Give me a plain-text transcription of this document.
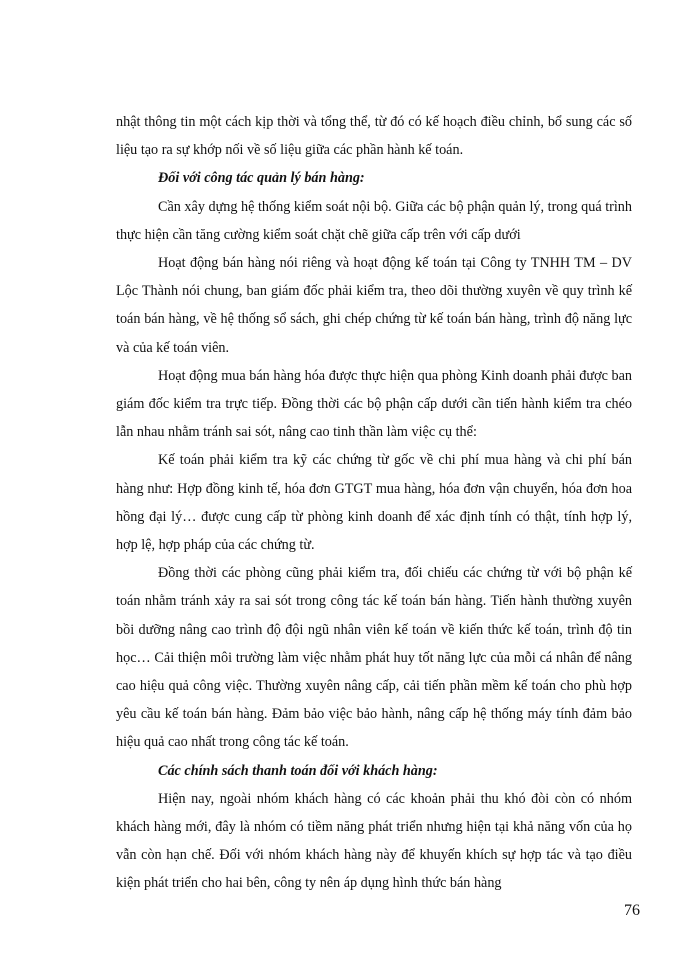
nhật thông tin một cách kịp thời và tổng thể, từ đó có kế hoạch điều chỉnh, bổ sung các số liệu tạo ra sự khớp nối về số liệu giữa các phần hành kế toán.

Đối với công tác quản lý bán hàng:

Cần xây dựng hệ thống kiểm soát nội bộ. Giữa các bộ phận quản lý, trong quá trình thực hiện cần tăng cường kiểm soát chặt chẽ giữa cấp trên với cấp dưới

Hoạt động bán hàng nói riêng và hoạt động kế toán tại Công ty TNHH TM – DV Lộc Thành nói chung, ban giám đốc phải kiểm tra, theo dõi thường xuyên về quy trình kế toán bán hàng, về hệ thống sổ sách, ghi chép chứng từ kế toán bán hàng, trình độ năng lực và của kế toán viên.

Hoạt động mua bán hàng hóa được thực hiện qua phòng Kinh doanh phải được ban giám đốc kiểm tra trực tiếp. Đồng thời các bộ phận cấp dưới cần tiến hành kiểm tra chéo lẫn nhau nhằm tránh sai sót, nâng cao tinh thần làm việc cụ thể:

Kế toán phải kiểm tra kỹ các chứng từ gốc về chi phí mua hàng và chi phí bán hàng như: Hợp đồng kinh tế, hóa đơn GTGT mua hàng, hóa đơn vận chuyển, hóa đơn hoa hồng đại lý… được cung cấp từ phòng kinh doanh để xác định tính có thật, tính hợp lý, hợp lệ, hợp pháp của các chứng từ.

Đồng thời các phòng cũng phải kiểm tra, đối chiếu các chứng từ với bộ phận kế toán nhằm tránh xảy ra sai sót trong công tác kế toán bán hàng. Tiến hành thường xuyên bồi dưỡng nâng cao trình độ đội ngũ nhân viên kế toán về kiến thức kế toán, trình độ tin học… Cải thiện môi trường làm việc nhằm phát huy tốt năng lực của mỗi cá nhân để nâng cao hiệu quả công việc. Thường xuyên nâng cấp, cải tiến phần mềm kế toán cho phù hợp yêu cầu kế toán bán hàng. Đảm bảo việc bảo hành, nâng cấp hệ thống máy tính đảm bảo hiệu quả cao nhất trong công tác kế toán.

Các chính sách thanh toán đối với khách hàng:

Hiện nay, ngoài nhóm khách hàng có các khoản phải thu khó đòi còn có nhóm khách hàng mới, đây là nhóm có tiềm năng phát triển nhưng hiện tại khả năng vốn của họ vẫn còn hạn chế. Đối với nhóm khách hàng này để khuyến khích sự hợp tác và tạo điều kiện phát triển cho hai bên, công ty nên áp dụng hình thức bán hàng

76
